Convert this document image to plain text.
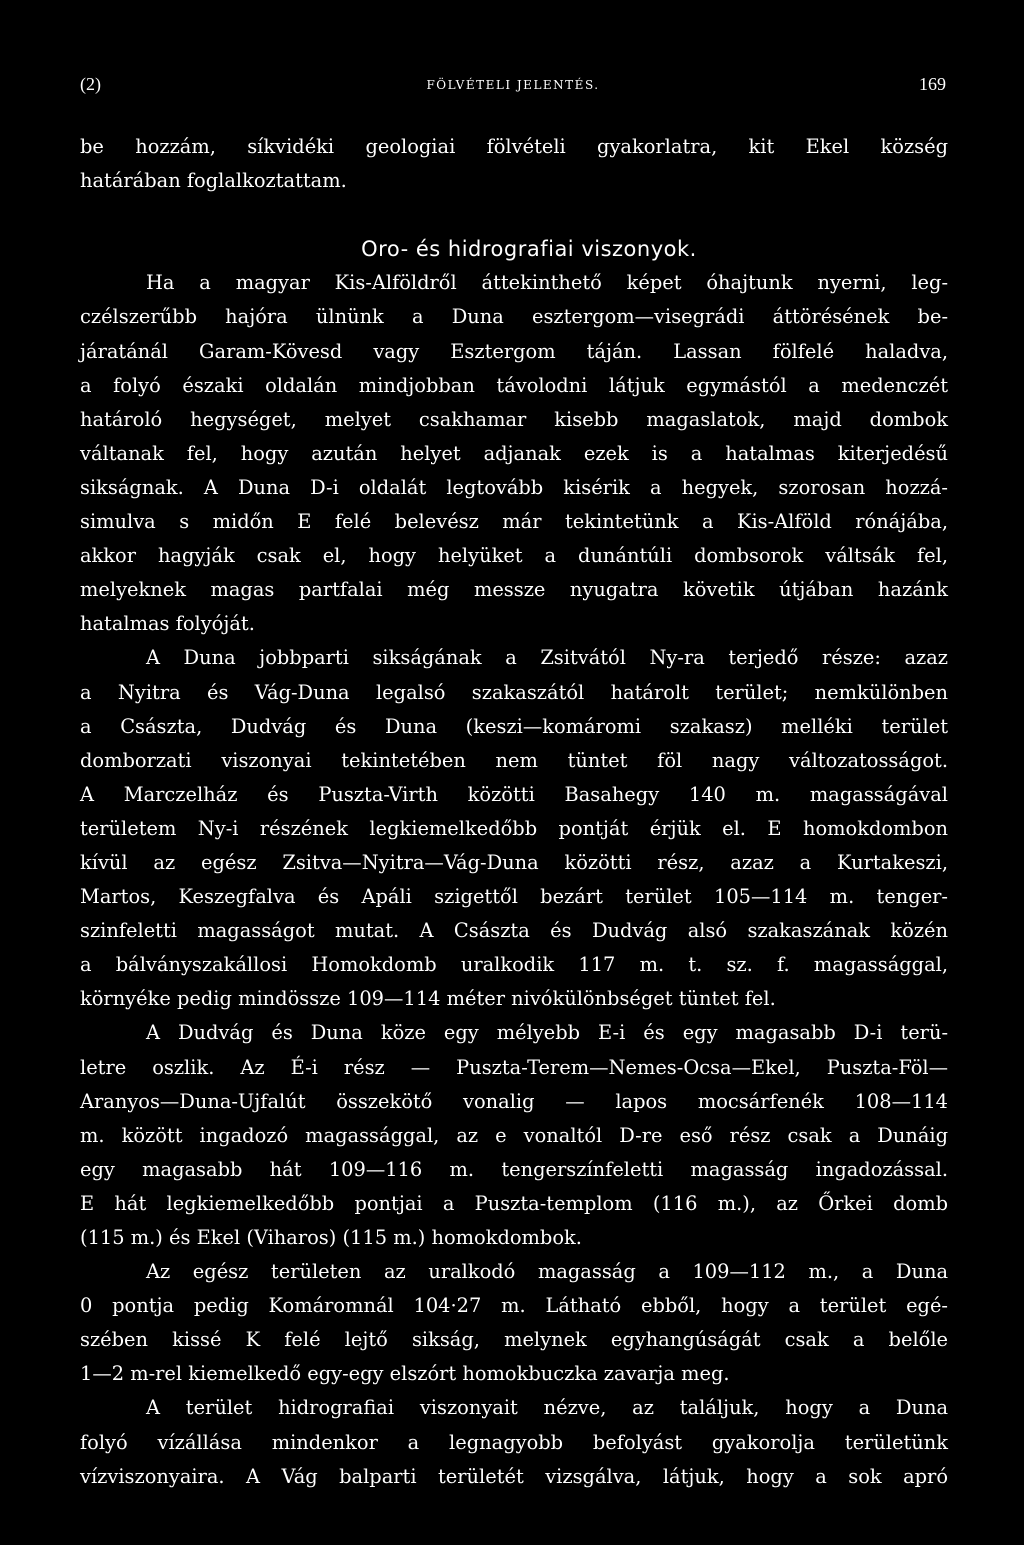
(2)	FÖLVÉTELI JELENTÉS.	169
be hozzám, síkvidéki geologiai fölvételi gyakorlatra, kit Ekel község
határában foglalkoztattam.
Oro- és hidrografiai viszonyok.
Ha a magyar Kis-Alföldről áttekinthető képet óhajtunk nyerni, leg-
czélszerűbb hajóra ülnünk a Duna esztergom—visegrádi áttörésének be-
járatánál Garam-Kövesd vagy Esztergom táján. Lassan fölfelé haladva,
a folyó északi oldalán mindjobban távolodni látjuk egymástól a medenczét
határoló hegységet, melyet csakhamar kisebb magaslatok, majd dombok
váltanak fel, hogy azután helyet adjanak ezek is a hatalmas kiterjedésű
sikságnak. A Duna D-i oldalát legtovább kisérik a hegyek, szorosan hozzá-
simulva s midőn E felé belevész már tekintetünk a Kis-Alföld rónájába,
akkor hagyják csak el, hogy helyüket a dunántúli dombsorok váltsák fel,
melyeknek magas partfalai még messze nyugatra követik útjában hazánk
hatalmas folyóját.
A Duna jobbparti sikságának a Zsitvától Ny-ra terjedő része: azaz
a Nyitra és Vág-Duna legalsó szakaszától határolt terület; nemkülönben
a Császta, Dudvág és Duna (keszi—komáromi szakasz) melléki terület
domborzati viszonyai tekintetében nem tüntet föl nagy változatosságot.
A Marczelház és Puszta-Virth közötti Basahegy 140 m. magasságával
területem Ny-i részének legkiemelkedőbb pontját érjük el. E homokdombon
kívül az egész Zsitva—Nyitra—Vág-Duna közötti rész, azaz a Kurtakeszi,
Martos, Keszegfalva és Apáli szigettől bezárt terület 105—114 m. tenger-
szinfeletti magasságot mutat. A Császta és Dudvág alsó szakaszának közén
a bálványszakállosi Homokdomb uralkodik 117 m. t. sz. f. magassággal,
környéke pedig mindössze 109—114 méter nivókülönbséget tüntet fel.
A Dudvág és Duna köze egy mélyebb E-i és egy magasabb D-i terü-
letre oszlik. Az É-i rész — Puszta-Terem—Nemes-Ocsa—Ekel, Puszta-Föl—
Aranyos—Duna-Ujfalút összekötő vonalig — lapos mocsárfenék 108—114
m. között ingadozó magassággal, az e vonaltól D-re eső rész csak a Dunáig
egy magasabb hát 109—116 m. tengerszínfeletti magasság ingadozással.
E hát legkiemelkedőbb pontjai a Puszta-templom (116 m.), az Őrkei domb
(115 m.) és Ekel (Viharos) (115 m.) homokdombok.
Az egész területen az uralkodó magasság a 109—112 m., a Duna
0 pontja pedig Komáromnál 104·27 m. Látható ebből, hogy a terület egé-
szében kissé K felé lejtő sikság, melynek egyhangúságát csak a belőle
1—2 m-rel kiemelkedő egy-egy elszórt homokbuczka zavarja meg.
A terület hidrografiai viszonyait nézve, az találjuk, hogy a Duna
folyó vízállása mindenkor a legnagyobb befolyást gyakorolja területünk
vízviszonyaira. A Vág balparti területét vizsgálva, látjuk, hogy a sok apró
